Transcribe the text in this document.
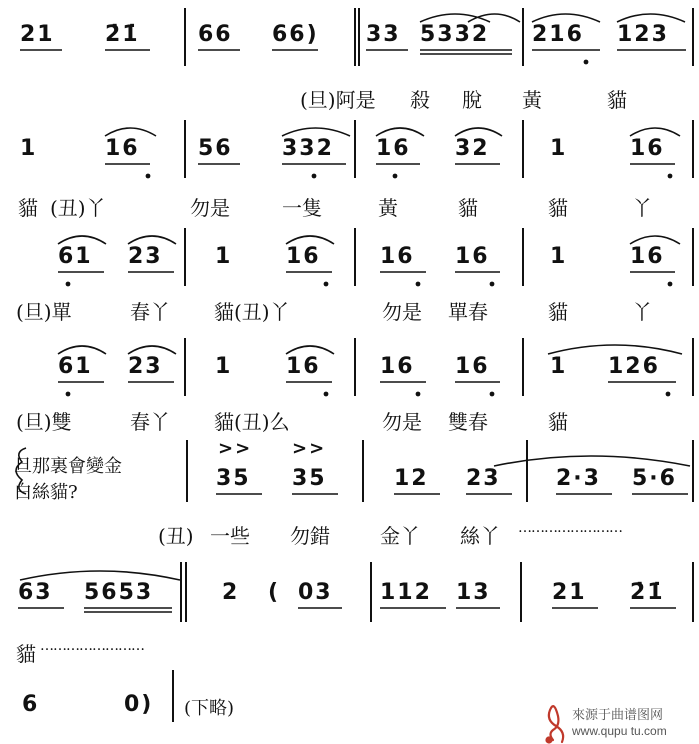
21 2̇1̇	66 66) 33 5332 216 123
(旦)阿是 殺 脫 黃	貓
1	16	56 332 16 32	1	16
貓 (丑)丫	勿是	一隻	黃	貓	貓	丫
61 23 1 16	16 16	1	16
(旦)單	春丫 貓(丑)丫	勿是 單春	貓	丫
61 23 1 16	16 16	1 126
(旦)雙	春丫 貓(丑)么	勿是 雙春	貓
旦那裏會變金
白絲貓?
>> >>
35 35	12 23	2·3 5·6
(丑) 一些 勿錯	金丫 絲丫 ……………………
63 5653	2 ( 03 112 13	21 2̇1̇
貓 ……………………
6	0) (下略)	來源于曲谱图网
www.qupu tu.com
